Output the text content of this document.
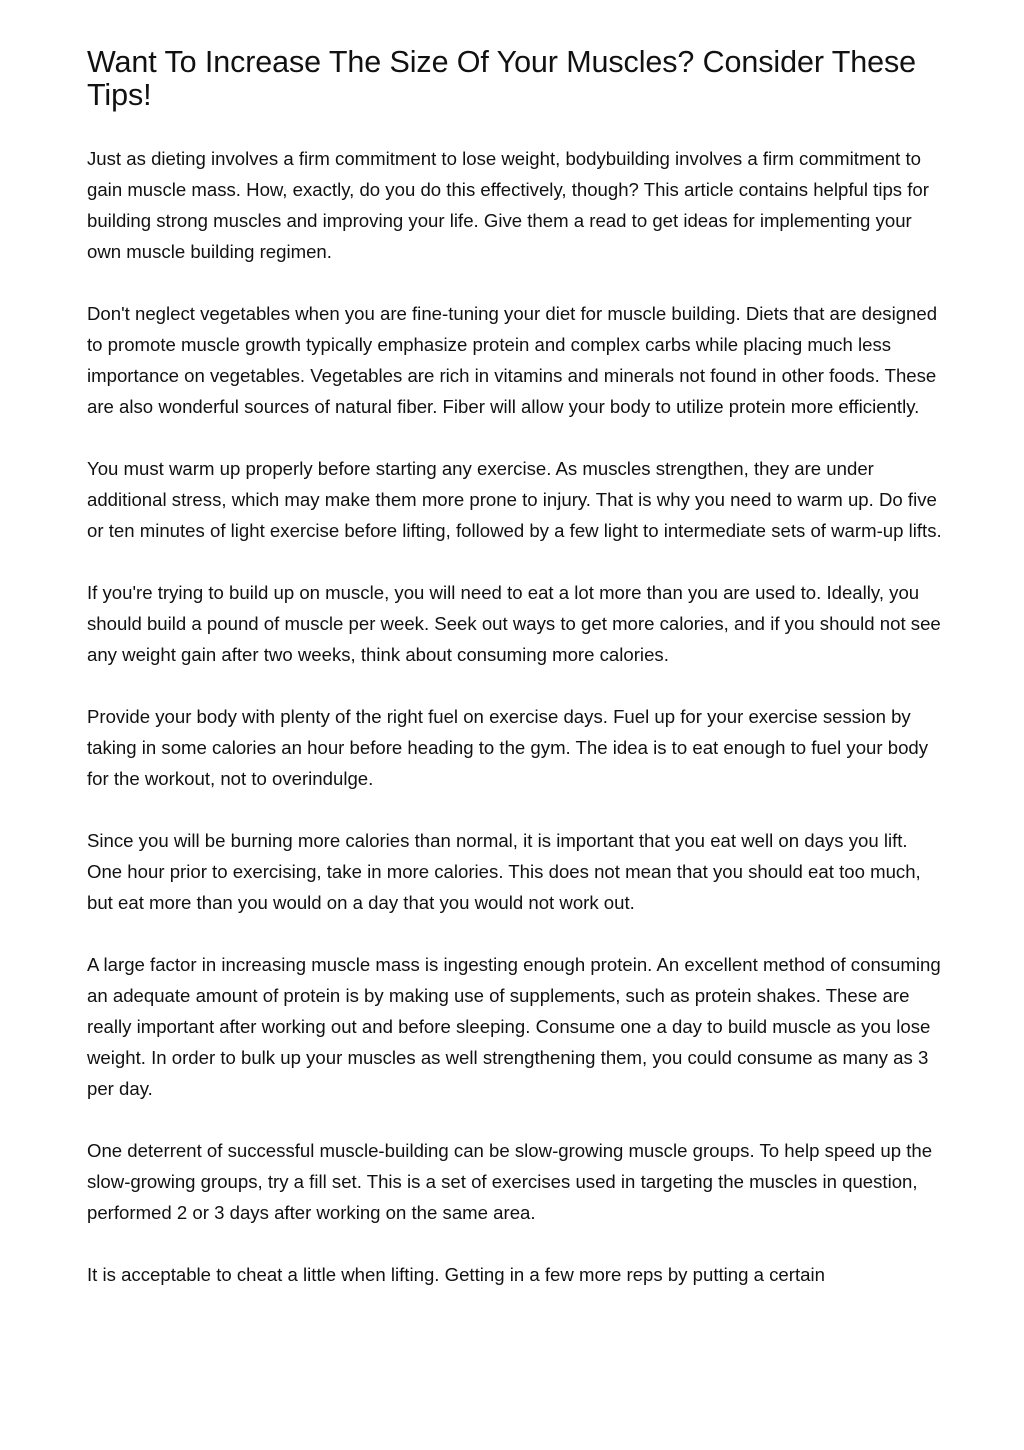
Want To Increase The Size Of Your Muscles? Consider These Tips!

Just as dieting involves a firm commitment to lose weight, bodybuilding involves a firm commitment to gain muscle mass. How, exactly, do you do this effectively, though? This article contains helpful tips for building strong muscles and improving your life. Give them a read to get ideas for implementing your own muscle building regimen.

Don't neglect vegetables when you are fine-tuning your diet for muscle building. Diets that are designed to promote muscle growth typically emphasize protein and complex carbs while placing much less importance on vegetables. Vegetables are rich in vitamins and minerals not found in other foods. These are also wonderful sources of natural fiber. Fiber will allow your body to utilize protein more efficiently.

You must warm up properly before starting any exercise. As muscles strengthen, they are under additional stress, which may make them more prone to injury. That is why you need to warm up. Do five or ten minutes of light exercise before lifting, followed by a few light to intermediate sets of warm-up lifts.

If you're trying to build up on muscle, you will need to eat a lot more than you are used to. Ideally, you should build a pound of muscle per week. Seek out ways to get more calories, and if you should not see any weight gain after two weeks, think about consuming more calories.

Provide your body with plenty of the right fuel on exercise days. Fuel up for your exercise session by taking in some calories an hour before heading to the gym. The idea is to eat enough to fuel your body for the workout, not to overindulge.

Since you will be burning more calories than normal, it is important that you eat well on days you lift. One hour prior to exercising, take in more calories. This does not mean that you should eat too much, but eat more than you would on a day that you would not work out.

A large factor in increasing muscle mass is ingesting enough protein. An excellent method of consuming an adequate amount of protein is by making use of supplements, such as protein shakes. These are really important after working out and before sleeping. Consume one a day to build muscle as you lose weight. In order to bulk up your muscles as well strengthening them, you could consume as many as 3 per day.

One deterrent of successful muscle-building can be slow-growing muscle groups. To help speed up the slow-growing groups, try a fill set. This is a set of exercises used in targeting the muscles in question, performed 2 or 3 days after working on the same area.

It is acceptable to cheat a little when lifting. Getting in a few more reps by putting a certain
